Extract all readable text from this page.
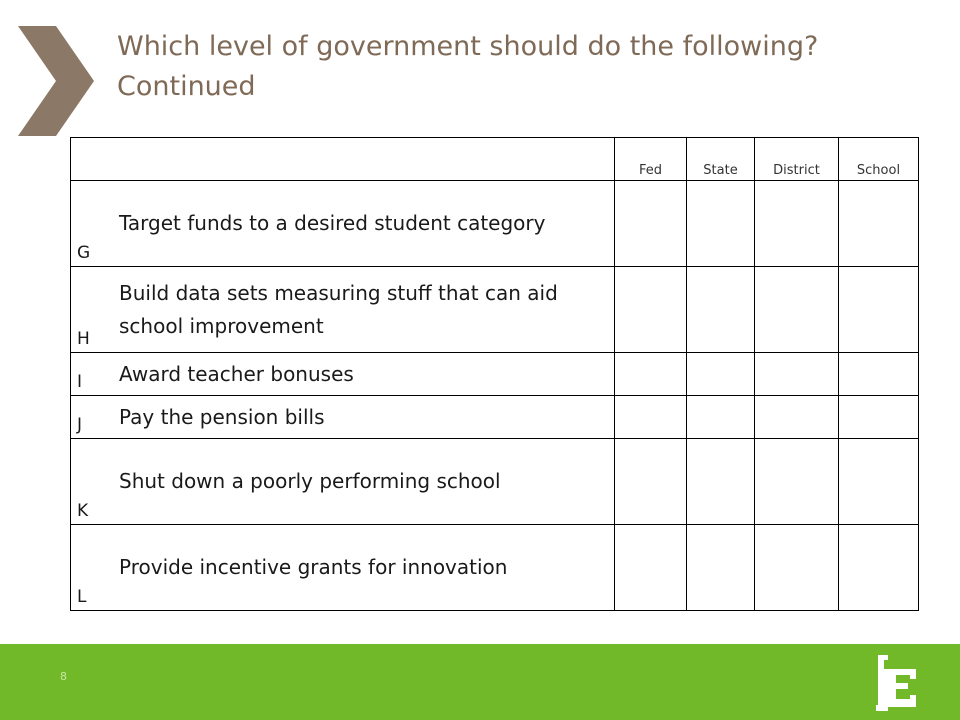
Which level of government should do the following?
Continued
	Fed	State	District	School

G
Target funds to a desired student category				

H
Build data sets measuring stuff that can aid school improvement				

I Award teacher bonuses				

J Pay the pension bills				

K
Shut down a poorly performing school				

L
Provide incentive grants for innovation				

8
